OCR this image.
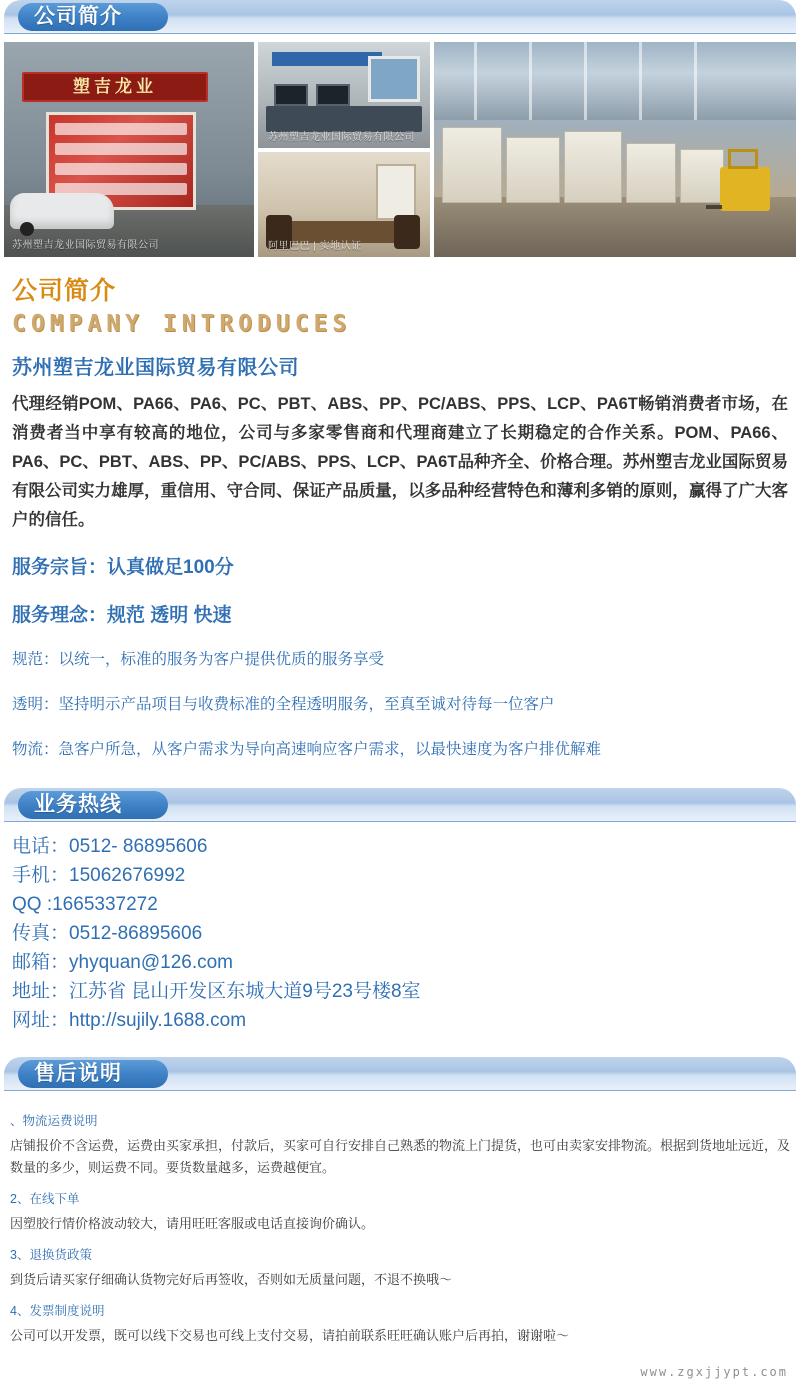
公司简介
塑吉龙业
苏州塑吉龙业国际贸易有限公司
苏州塑吉龙业国际贸易有限公司
阿里巴巴 | 实地认证
公司简介

COMPANY INTRODUCES

苏州塑吉龙业国际贸易有限公司

代理经销POM、PA66、PA6、PC、PBT、ABS、PP、PC/ABS、PPS、LCP、PA6T畅销消费者市场，在消费者当中享有较高的地位，公司与多家零售商和代理商建立了长期稳定的合作关系。POM、PA66、PA6、PC、PBT、ABS、PP、PC/ABS、PPS、LCP、PA6T品种齐全、价格合理。苏州塑吉龙业国际贸易有限公司实力雄厚，重信用、守合同、保证产品质量，以多品种经营特色和薄利多销的原则，赢得了广大客户的信任。

服务宗旨：认真做足100分
服务理念：规范 透明 快速
规范：以统一，标准的服务为客户提供优质的服务享受
透明：坚持明示产品项目与收费标准的全程透明服务，至真至诚对待每一位客户
物流：急客户所急，从客户需求为导向高速响应客户需求，以最快速度为客户排优解难
业务热线
电话：0512- 86895606
手机：15062676992
QQ :1665337272
传真：0512-86895606
邮箱：yhyquan@126.com
地址：江苏省 昆山开发区东城大道9号23号楼8室
网址：http://sujily.1688.com
售后说明
、物流运费说明

店铺报价不含运费，运费由买家承担，付款后，买家可自行安排自己熟悉的物流上门提货，也可由卖家安排物流。根据到货地址远近，及数量的多少，则运费不同。要货数量越多，运费越便宜。

2、在线下单

因塑胶行情价格波动较大，请用旺旺客服或电话直接询价确认。

3、退换货政策

到货后请买家仔细确认货物完好后再签收，否则如无质量问题，不退不换哦～

4、发票制度说明

公司可以开发票，既可以线下交易也可线上支付交易，请拍前联系旺旺确认账户后再拍，谢谢啦～

www.zgxjjypt.com
